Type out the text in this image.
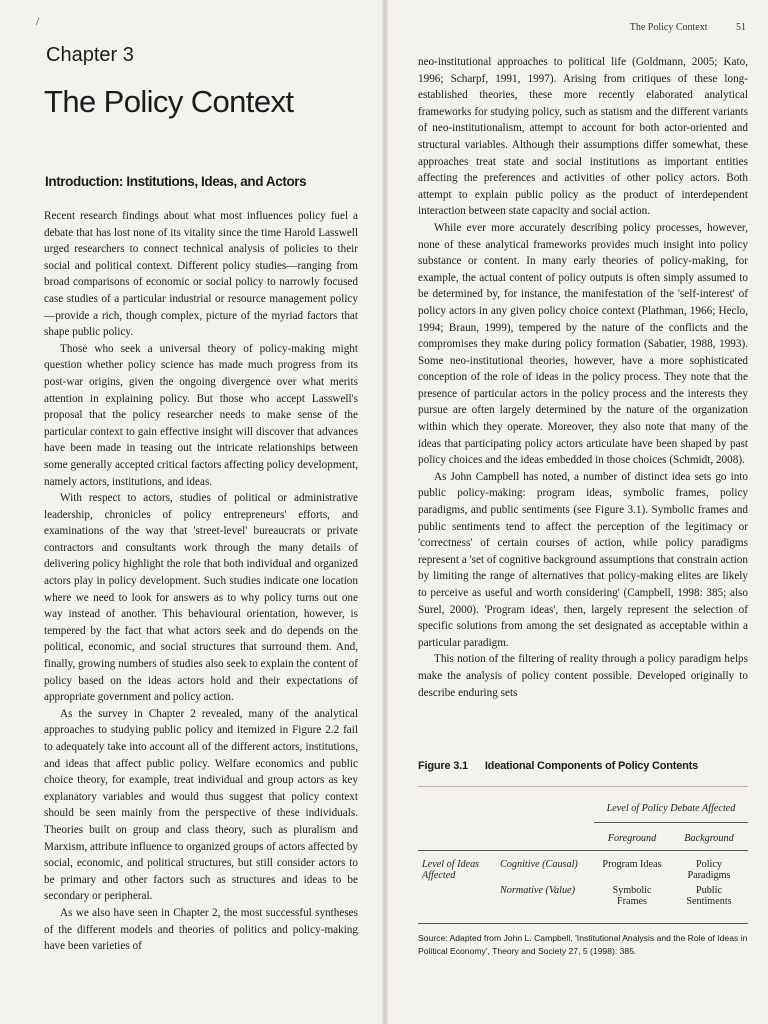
/
Chapter 3
The Policy Context
Introduction: Institutions, Ideas, and Actors

Recent research findings about what most influences policy fuel a debate that has lost none of its vitality since the time Harold Lasswell urged researchers to connect technical analysis of policies to their social and political context. Different policy studies—ranging from broad comparisons of economic or social policy to narrowly focused case studies of a particular industrial or resource management policy—provide a rich, though complex, picture of the myriad factors that shape public policy.

Those who seek a universal theory of policy-making might question whether policy science has made much progress from its post-war origins, given the ongoing divergence over what merits attention in explaining policy. But those who accept Lasswell's proposal that the policy researcher needs to make sense of the particular context to gain effective insight will discover that advances have been made in teasing out the intricate relationships between some generally accepted critical factors affecting policy development, namely actors, institutions, and ideas.

With respect to actors, studies of political or administrative leadership, chronicles of policy entrepreneurs' efforts, and examinations of the way that 'street-level' bureaucrats or private contractors and consultants work through the many details of delivering policy highlight the role that both individual and organized actors play in policy development. Such studies indicate one location where we need to look for answers as to why policy turns out one way instead of another. This behavioural orientation, however, is tempered by the fact that what actors seek and do depends on the political, economic, and social structures that surround them. And, finally, growing numbers of studies also seek to explain the content of policy based on the ideas actors hold and their expectations of appropriate government and policy action.

As the survey in Chapter 2 revealed, many of the analytical approaches to studying public policy and itemized in Figure 2.2 fail to adequately take into account all of the different actors, institutions, and ideas that affect public policy. Welfare economics and public choice theory, for example, treat individual and group actors as key explanatory variables and would thus suggest that policy context should be seen mainly from the perspective of these individuals. Theories built on group and class theory, such as pluralism and Marxism, attribute influence to organized groups of actors affected by social, economic, and political structures, but still consider actors to be primary and other factors such as structures and ideas to be secondary or peripheral.

As we also have seen in Chapter 2, the most successful syntheses of the different models and theories of politics and policy-making have been varieties of

The Policy Context	51

neo-institutional approaches to political life (Goldmann, 2005; Kato, 1996; Scharpf, 1991, 1997). Arising from critiques of these long-established theories, these more recently elaborated analytical frameworks for studying policy, such as statism and the different variants of neo-institutionalism, attempt to account for both actor-oriented and structural variables. Although their assumptions differ somewhat, these approaches treat state and social institutions as important entities affecting the preferences and activities of other policy actors. Both attempt to explain public policy as the product of interdependent interaction between state capacity and social action.

While ever more accurately describing policy processes, however, none of these analytical frameworks provides much insight into policy substance or content. In many early theories of policy-making, for example, the actual content of policy outputs is often simply assumed to be determined by, for instance, the manifestation of the 'self-interest' of policy actors in any given policy choice context (Plathman, 1966; Heclo, 1994; Braun, 1999), tempered by the nature of the conflicts and the compromises they make during policy formation (Sabatier, 1988, 1993). Some neo-institutional theories, however, have a more sophisticated conception of the role of ideas in the policy process. They note that the presence of particular actors in the policy process and the interests they pursue are often largely determined by the nature of the organization within which they operate. Moreover, they also note that many of the ideas that participating policy actors articulate have been shaped by past policy choices and the ideas embedded in those choices (Schmidt, 2008).

As John Campbell has noted, a number of distinct idea sets go into public policy-making: program ideas, symbolic frames, policy paradigms, and public sentiments (see Figure 3.1). Symbolic frames and public sentiments tend to affect the perception of the legitimacy or 'correctness' of certain courses of action, while policy paradigms represent a 'set of cognitive background assumptions that constrain action by limiting the range of alternatives that policy-making elites are likely to perceive as useful and worth considering' (Campbell, 1998: 385; also Surel, 2000). 'Program ideas', then, largely represent the selection of specific solutions from among the set designated as acceptable within a particular paradigm.

This notion of the filtering of reality through a policy paradigm helps make the analysis of policy content possible. Developed originally to describe enduring sets

Figure 3.1 Ideational Components of Policy Contents
		Level of Policy Debate Affected	
		Foreground	Background
Level of Ideas Affected	Cognitive (Causal)	Program Ideas	Policy Paradigms
	Normative (Value)	Symbolic Frames	Public Sentiments
Source: Adapted from John L. Campbell, 'Institutional Analysis and the Role of Ideas in Political Economy', Theory and Society 27, 5 (1998): 385.
